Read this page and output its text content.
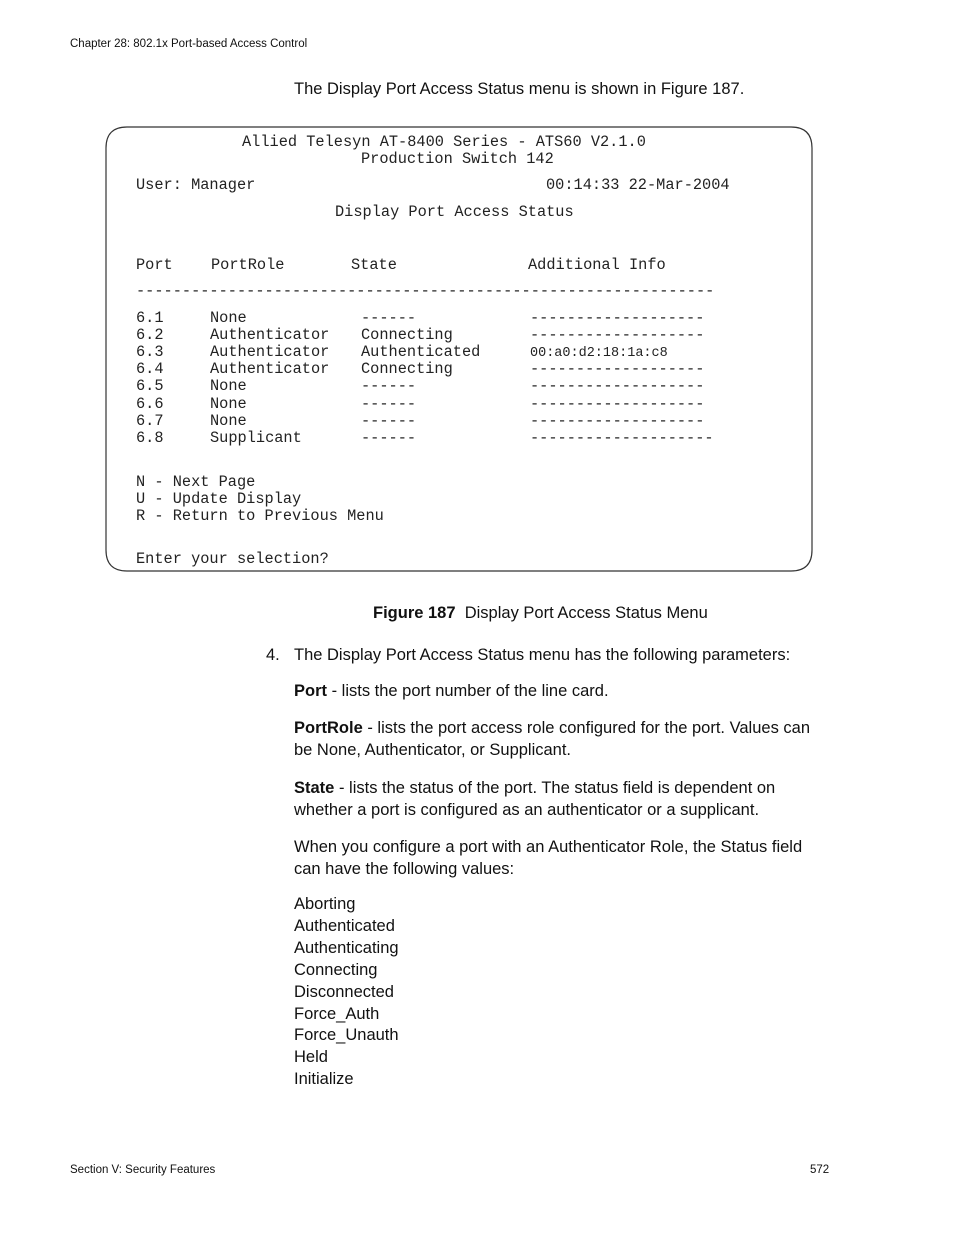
Chapter 28: 802.1x Port-based Access Control
The Display Port Access Status menu is shown in Figure 187.
Allied Telesyn AT-8400 Series - ATS60 V2.1.0
Production Switch 142
User: Manager	00:14:33 22-Mar-2004
Display Port Access Status
Port	PortRole	State	Additional Info
---------------------------------------------------------------
6.1	None	------	-------------------
6.2	Authenticator Connecting	-------------------
6.3	Authenticator Authenticated	00:a0:d2:18:1a:c8
6.4	Authenticator Connecting	-------------------
6.5	None	------	-------------------
6.6	None	------	-------------------
6.7	None	------	-------------------
6.8	Supplicant	------	--------------------
N - Next Page
U - Update Display
R - Return to Previous Menu
Enter your selection?
Figure 187 Display Port Access Status Menu
4. The Display Port Access Status menu has the following parameters:
Port - lists the port number of the line card.
PortRole - lists the port access role configured for the port. Values can be None, Authenticator, or Supplicant.
State - lists the status of the port. The status field is dependent on whether a port is configured as an authenticator or a supplicant.
When you configure a port with an Authenticator Role, the Status field can have the following values:
Aborting
Authenticated
Authenticating
Connecting
Disconnected
Force_Auth
Force_Unauth
Held
Initialize
Section V: Security Features	572
